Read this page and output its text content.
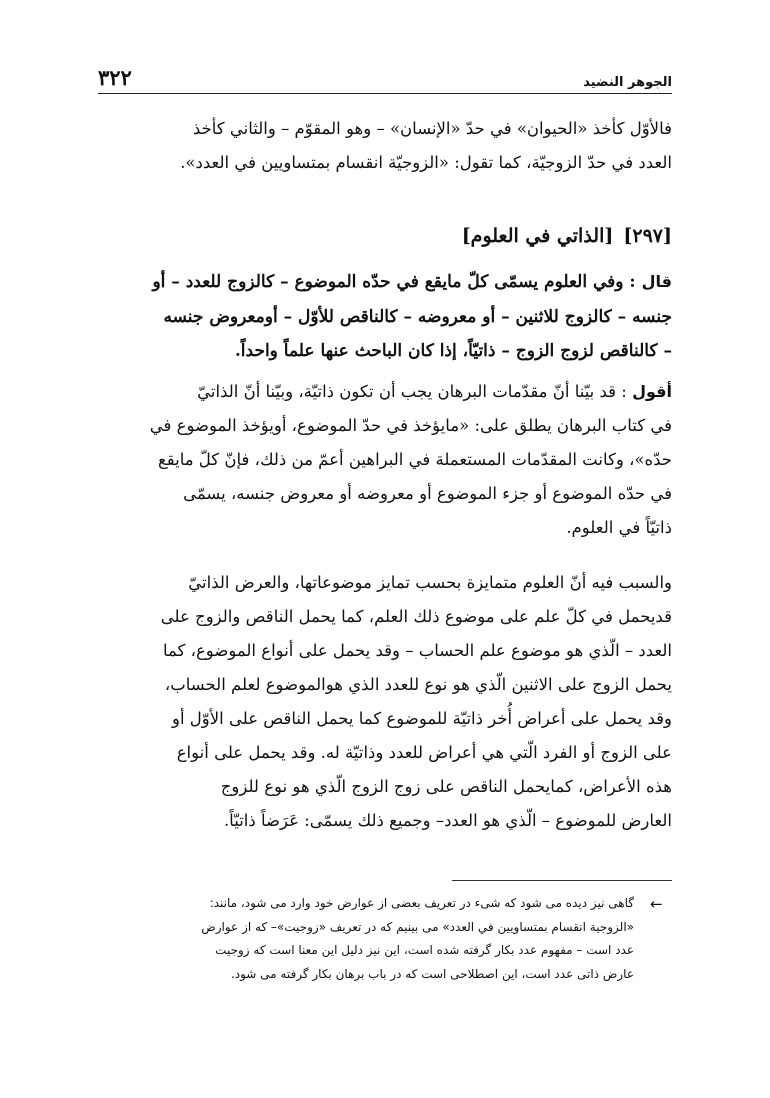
٣٢٢	الجوهر النضيد
فالأوّل كأخذ «الحيوان» في حدّ «الإنسان» – وهو المقوّم – والثاني كأخذ
العدد في حدّ الزوجيّة، كما تقول: «الزوجيّة انقسام بمتساويين في العدد».
[٢٩٧][الذاتي في العلوم]
قال : وفي العلوم يسمّى كلّ مايقع في حدّه الموضوع – كالزوج للعدد – أو
جنسه – كالزوج للاثنين – أو معروضه – كالناقص للأوّل – أومعروض جنسه
– كالناقص لزوج الزوج – ذاتيّاً، إذا كان الباحث عنها علماً واحداً.
أقول : قد بيّنا أنّ مقدّمات البرهان يجب أن تكون ذاتيّة، وبيّنا أنّ الذاتيّ
في كتاب البرهان يطلق على: «مايؤخذ في حدّ الموضوع، أويؤخذ الموضوع في
حدّه»، وكانت المقدّمات المستعملة في البراهين أعمّ من ذلك، فإنّ كلّ مايقع
في حدّه الموضوع أو جزء الموضوع أو معروضه أو معروض جنسه، يسمّى
ذاتيّاً في العلوم.
والسبب فيه أنّ العلوم متمايزة بحسب تمايز موضوعاتها، والعرض الذاتيّ
قديحمل في كلّ علم على موضوع ذلك العلم، كما يحمل الناقص والزوج على
العدد – الّذي هو موضوع علم الحساب – وقد يحمل على أنواع الموضوع، كما
يحمل الزوج على الاثنين الّذي هو نوع للعدد الذي هوالموضوع لعلم الحساب،
وقد يحمل على أعراض أُخر ذاتيّة للموضوع كما يحمل الناقص على الأوّل أو
على الزوج أو الفرد الّتي هي أعراض للعدد وذاتيّة له. وقد يحمل على أنواع
هذه الأعراض، كمايحمل الناقص على زوج الزوج الّذي هو نوع للزوج
العارض للموضوع – الّذي هو العدد– وجميع ذلك يسمّى: عَرَضاً ذاتيّاً.
←
گاهی نیز دیده می شود که شیء در تعریف بعضی از عوارض خود وارد می شود، مانند:
«الزوجیة انقسام بمتساویین في العدد» می بینیم که در تعریف «زوجیت»– که از عوارض
عدد است – مفهوم عدد بکار گرفته شده است، این نیز دلیل این معنا است که زوجیت
عارض ذاتی عدد است، این اصطلاحی است که در باب برهان بکار گرفته می شود.
